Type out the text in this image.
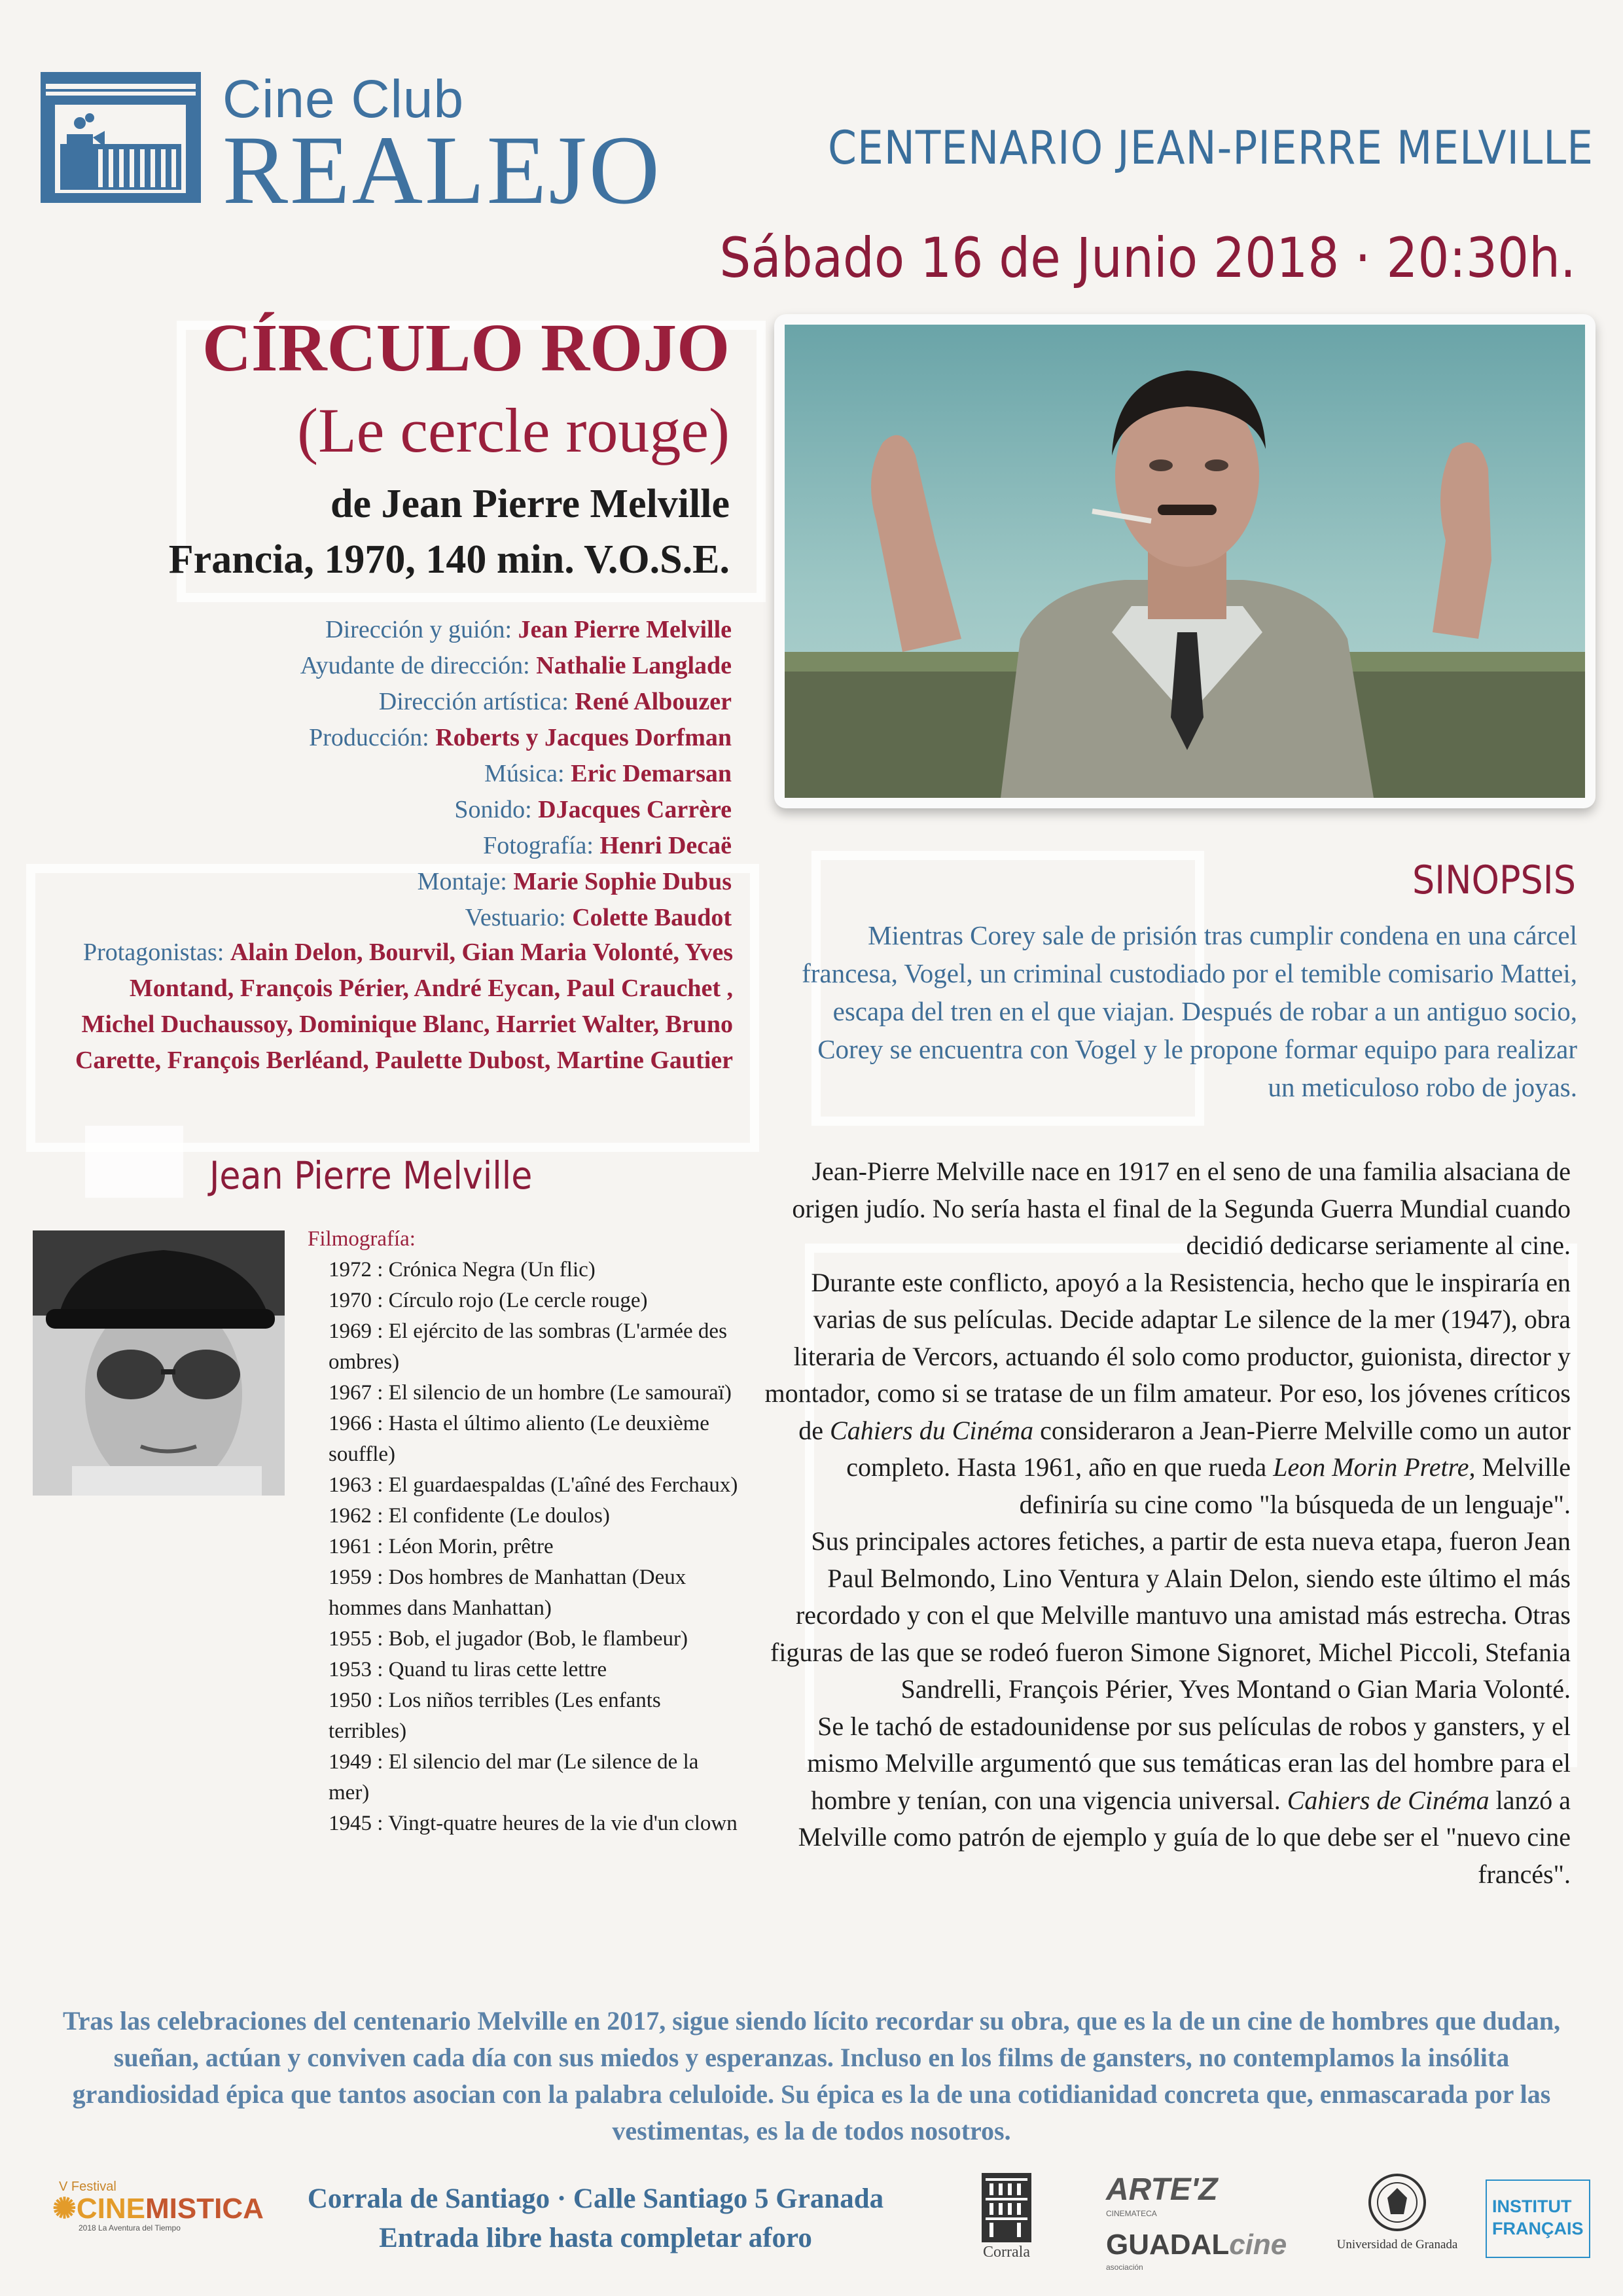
Cine Club
REALEJO	CENTENARIO JEAN-PIERRE MELVILLE
Sábado 16 de Junio 2018 · 20:30h.
CÍRCULO ROJO
(Le cercle rouge)
de Jean Pierre Melville
Francia, 1970, 140 min. V.O.S.E.
Dirección y guión: Jean Pierre Melville
Ayudante de dirección: Nathalie Langlade
Dirección artística: René Albouzer
Producción: Roberts y Jacques Dorfman
Música: Eric Demarsan
Sonido: DJacques Carrère
Fotografía: Henri Decaë
Montaje: Marie Sophie Dubus
Vestuario: Colette Baudot
Protagonistas: Alain Delon, Bourvil, Gian Maria Volonté, Yves Montand, François Périer, André Eycan, Paul Crauchet , Michel Duchaussoy, Dominique Blanc, Harriet Walter, Bruno Carette, François Berléand, Paulette Dubost, Martine Gautier
SINOPSIS
Mientras Corey sale de prisión tras cumplir condena en una cárcel francesa, Vogel, un criminal custodiado por el temible comisario Mattei, escapa del tren en el que viajan. Después de robar a un antiguo socio, Corey se encuentra con Vogel y le propone formar equipo para realizar un meticuloso robo de joyas.
Jean Pierre Melville
Filmografía:
1972 : Crónica Negra (Un flic)
1970 : Círculo rojo (Le cercle rouge)
1969 : El ejército de las sombras (L'armée des ombres)
1967 : El silencio de un hombre (Le samouraï)
1966 : Hasta el último aliento (Le deuxième souffle)
1963 : El guardaespaldas (L'aîné des Ferchaux)
1962 : El confidente (Le doulos)
1961 : Léon Morin, prêtre
1959 : Dos hombres de Manhattan (Deux hommes dans Manhattan)
1955 : Bob, el jugador (Bob, le flambeur)
1953 : Quand tu liras cette lettre
1950 : Los niños terribles (Les enfants terribles)
1949 : El silencio del mar (Le silence de la mer)
1945 : Vingt-quatre heures de la vie d'un clown

Jean-Pierre Melville nace en 1917 en el seno de una familia alsaciana de origen judío. No sería hasta el final de la Segunda Guerra Mundial cuando decidió dedicarse seriamente al cine.

Durante este conflicto, apoyó a la Resistencia, hecho que le inspiraría en varias de sus películas. Decide adaptar Le silence de la mer (1947), obra literaria de Vercors, actuando él solo como productor, guionista, director y montador, como si se tratase de un film amateur. Por eso, los jóvenes críticos de Cahiers du Cinéma consideraron a Jean-Pierre Melville como un autor completo. Hasta 1961, año en que rueda Leon Morin Pretre, Melville definiría su cine como "la búsqueda de un lenguaje".

Sus principales actores fetiches, a partir de esta nueva etapa, fueron Jean Paul Belmondo, Lino Ventura y Alain Delon, siendo este último el más recordado y con el que Melville mantuvo una amistad más estrecha. Otras figuras de las que se rodeó fueron Simone Signoret, Michel Piccoli, Stefania Sandrelli, François Périer, Yves Montand o Gian Maria Volonté.

Se le tachó de estadounidense por sus películas de robos y gansters, y el mismo Melville argumentó que sus temáticas eran las del hombre para el hombre y tenían, con una vigencia universal. Cahiers de Cinéma lanzó a Melville como patrón de ejemplo y guía de lo que debe ser el "nuevo cine francés".

Tras las celebraciones del centenario Melville en 2017, sigue siendo lícito recordar su obra, que es la de un cine de hombres que dudan, sueñan, actúan y conviven cada día con sus miedos y esperanzas. Incluso en los films de gansters, no contemplamos la insólita grandiosidad épica que tantos asocian con la palabra celuloide. Su épica es la de una cotidianidad concreta que, enmascarada por las vestimentas, es la de todos nosotros.
Corrala de Santiago · Calle Santiago 5 Granada
Entrada libre hasta completar aforo
V Festival
✺CINEMISTICA
2018 La Aventura del Tiempo
Corrala
ARTE'Z CINEMATECA
GUADALcine asociación
Universidad de Granada
INSTITUT
FRANÇAIS
